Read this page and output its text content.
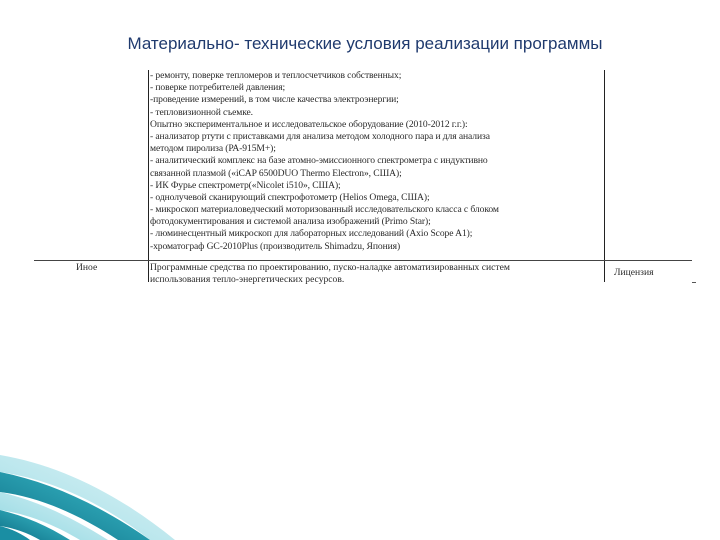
Материально- технические условия реализации программы
- ремонту, поверке тепломеров и теплосчетчиков собственных;
- поверке потребителей давления;
-проведение измерений, в том числе качества электроэнергии;
- тепловизионной съемке.
Опытно экспериментальное и исследовательское оборудование (2010-2012 г.г.):
- анализатор ртути с приставками для анализа методом холодного пара и для анализа
методом пиролиза (РА-915М+);
- аналитический комплекс на базе атомно-эмиссионного спектрометра с индуктивно
связанной плазмой («iCAP 6500DUO Thermo Electron», США);
- ИК Фурье спектрометр(«Nicolet i510», США);
- однолучевой сканирующий спектрофотометр (Helios Omega, США);
- микроскоп материаловедческий моторизованный исследовательского класса с блоком
фотодокументирования и системой анализа изображений (Primo Star);
- люминесцентный микроскоп для лабораторных исследований (Axio Scope A1);
-хроматограф GC-2010Plus (производитель Shimadzu, Япония)
Иное	Программные средства по проектированию, пуско-наладке автоматизированных систем
использования тепло-энергетических ресурсов.
Лицензия
